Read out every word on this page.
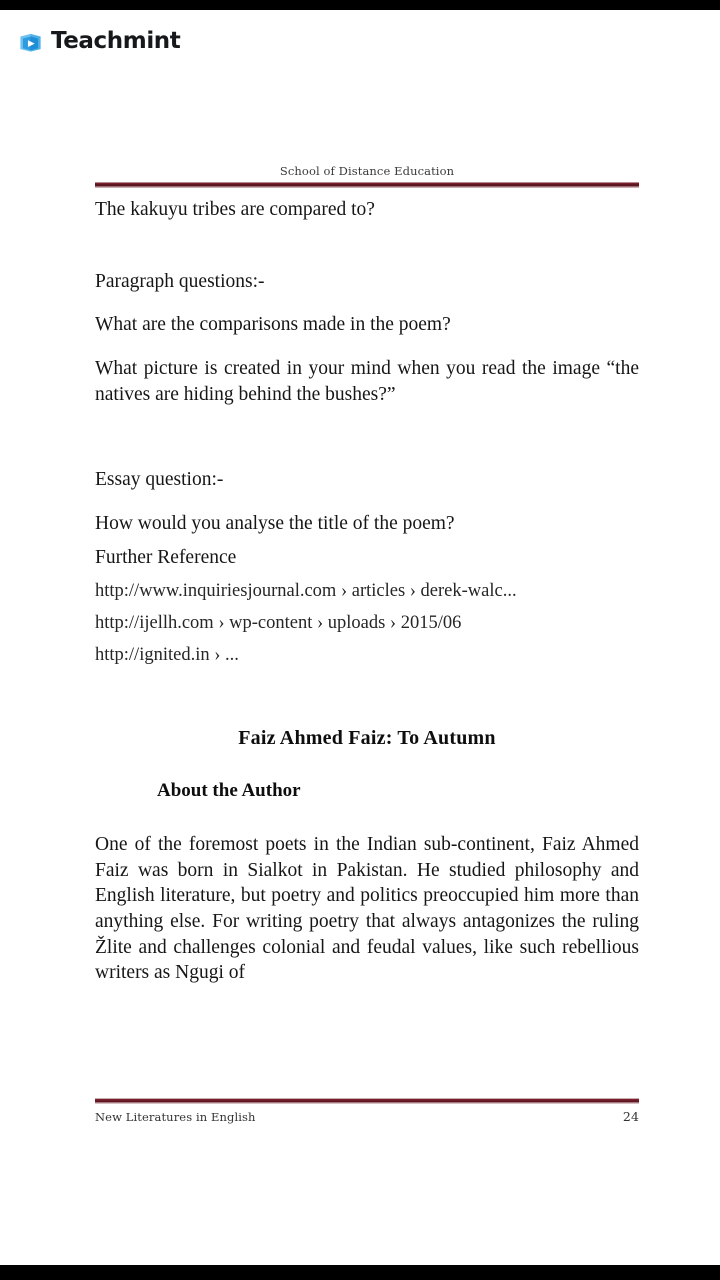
Teachmint
School of Distance Education

The kakuyu tribes are compared to?

Paragraph questions:-

What are the comparisons made in the poem?

What picture is created in your mind when you read the image “the natives are hiding behind the bushes?”

Essay question:-

How would you analyse the title of the poem?

Further Reference

http://www.inquiriesjournal.com › articles › derek-walc...

http://ijellh.com › wp-content › uploads › 2015/06

http://ignited.in › ...

Faiz Ahmed Faiz: To Autumn

About the Author

One of the foremost poets in the Indian sub-continent, Faiz Ahmed Faiz was born in Sialkot in Pakistan. He studied philosophy and English literature, but poetry and politics preoccupied him more than anything else. For writing poetry that always antagonizes the ruling Žlite and challenges colonial and feudal values, like such rebellious writers as Ngugi of

New Literatures in English	24
